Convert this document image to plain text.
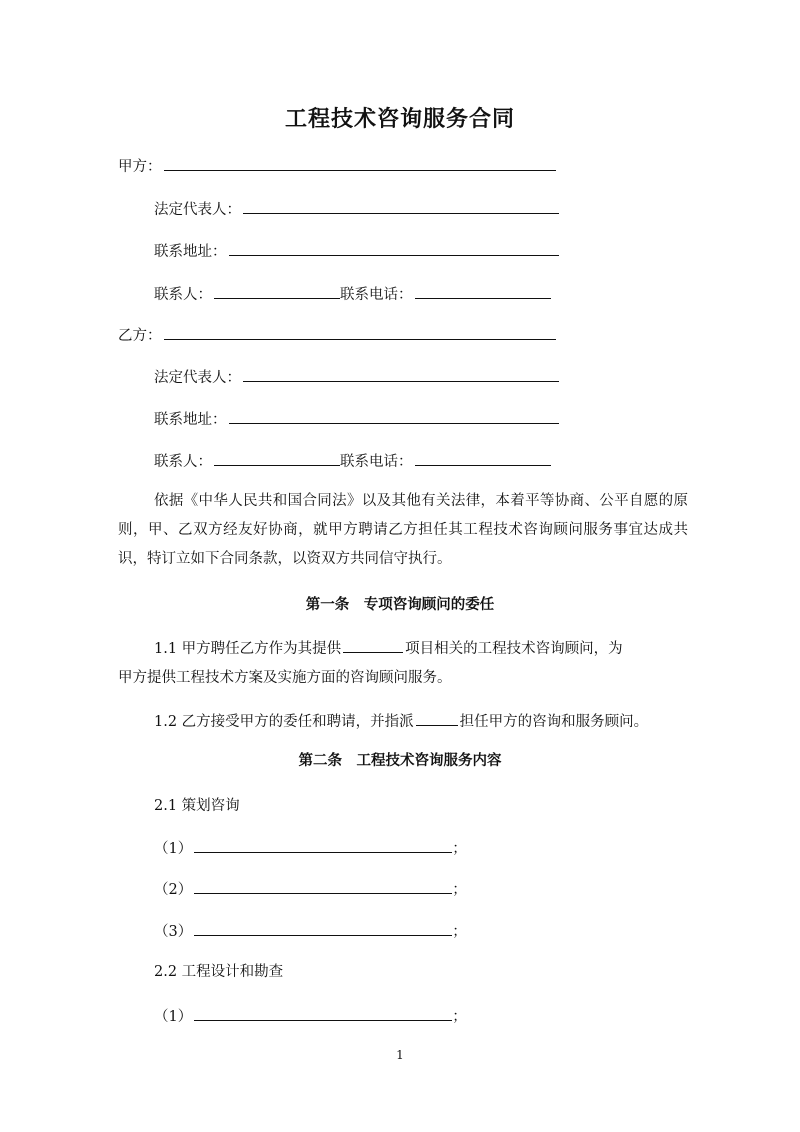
工程技术咨询服务合同
甲方：
法定代表人：
联系地址：
联系人：	联系电话：
乙方：
法定代表人：
联系地址：
联系人：	联系电话：
依据《中华人民共和国合同法》以及其他有关法律，本着平等协商、公平自愿的原则，甲、乙双方经友好协商，就甲方聘请乙方担任其工程技术咨询顾问服务事宜达成共识，特订立如下合同条款，以资双方共同信守执行。
第一条　专项咨询顾问的委任
1.1 甲方聘任乙方作为其提供	项目相关的工程技术咨询顾问，为
甲方提供工程技术方案及实施方面的咨询顾问服务。
1.2 乙方接受甲方的委任和聘请，并指派	担任甲方的咨询和服务顾问。
第二条　工程技术咨询服务内容
2.1 策划咨询
（1）	；
（2）	；
（3）	；
2.2 工程设计和勘查
（1）	；
1
